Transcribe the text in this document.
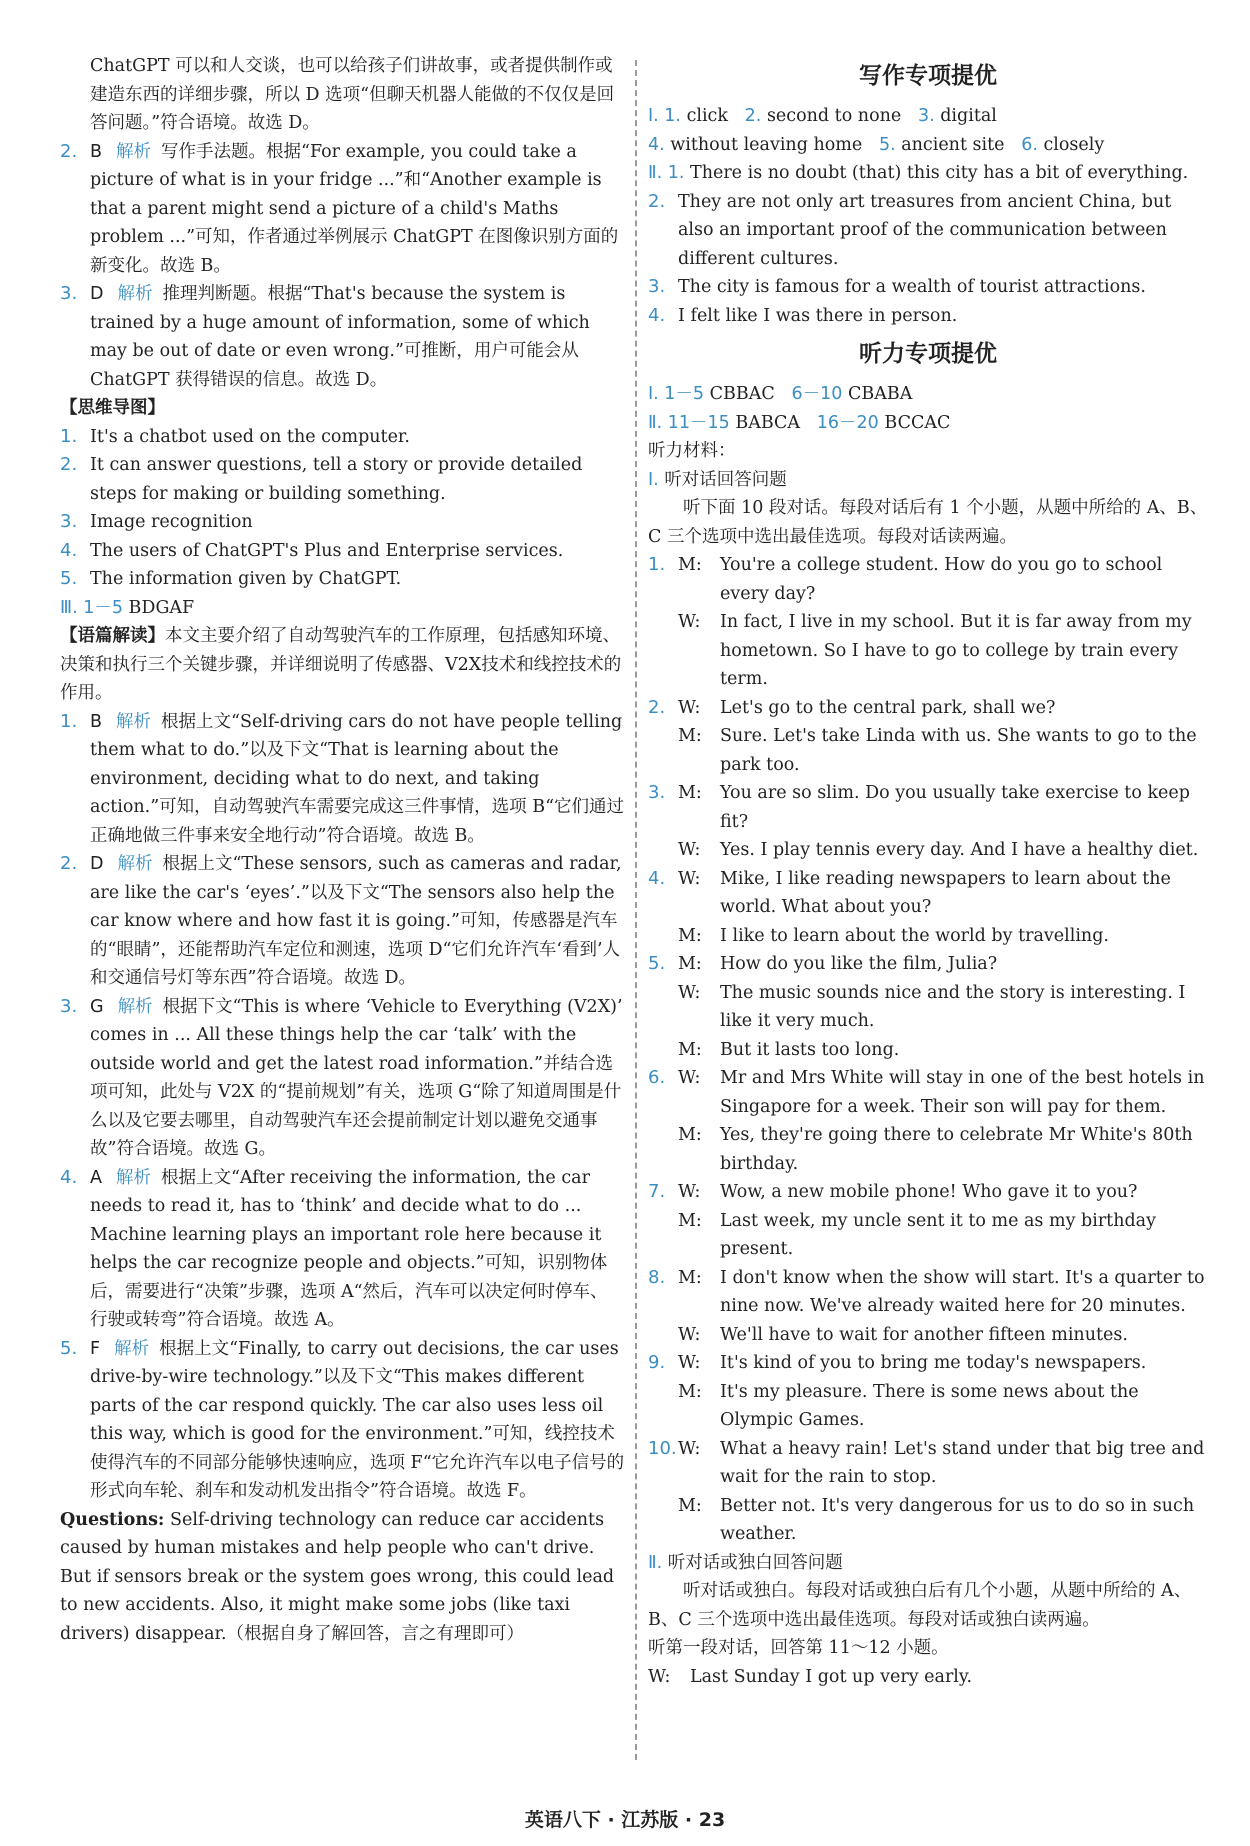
ChatGPT 可以和人交谈，也可以给孩子们讲故事，或者提供制作或建造东西的详细步骤，所以 D 选项“但聊天机器人能做的不仅仅是回答问题。”符合语境。故选 D。

2. B 解析 写作手法题。根据“For example, you could take a picture of what is in your fridge ...”和“Another example is that a parent might send a picture of a child's Maths problem ...”可知，作者通过举例展示 ChatGPT 在图像识别方面的新变化。故选 B。

3. D 解析 推理判断题。根据“That's because the system is trained by a huge amount of information, some of which may be out of date or even wrong.”可推断，用户可能会从 ChatGPT 获得错误的信息。故选 D。

【思维导图】

1. It's a chatbot used on the computer.

2. It can answer questions, tell a story or provide detailed steps for making or building something.

3. Image recognition

4. The users of ChatGPT's Plus and Enterprise services.

5. The information given by ChatGPT.

Ⅲ. 1－5 BDGAF

【语篇解读】本文主要介绍了自动驾驶汽车的工作原理，包括感知环境、决策和执行三个关键步骤，并详细说明了传感器、V2X技术和线控技术的作用。

1. B 解析 根据上文“Self-driving cars do not have people telling them what to do.”以及下文“That is learning about the environment, deciding what to do next, and taking action.”可知，自动驾驶汽车需要完成这三件事情，选项 B“它们通过正确地做三件事来安全地行动”符合语境。故选 B。

2. D 解析 根据上文“These sensors, such as cameras and radar, are like the car's ‘eyes’.”以及下文“The sensors also help the car know where and how fast it is going.”可知，传感器是汽车的“眼睛”，还能帮助汽车定位和测速，选项 D“它们允许汽车‘看到’人和交通信号灯等东西”符合语境。故选 D。

3. G 解析 根据下文“This is where ‘Vehicle to Everything (V2X)’ comes in ... All these things help the car ‘talk’ with the outside world and get the latest road information.”并结合选项可知，此处与 V2X 的“提前规划”有关，选项 G“除了知道周围是什么以及它要去哪里，自动驾驶汽车还会提前制定计划以避免交通事故”符合语境。故选 G。

4. A 解析 根据上文“After receiving the information, the car needs to read it, has to ‘think’ and decide what to do ... Machine learning plays an important role here because it helps the car recognize people and objects.”可知，识别物体后，需要进行“决策”步骤，选项 A“然后，汽车可以决定何时停车、行驶或转弯”符合语境。故选 A。

5. F 解析 根据上文“Finally, to carry out decisions, the car uses drive-by-wire technology.”以及下文“This makes different parts of the car respond quickly. The car also uses less oil this way, which is good for the environment.”可知，线控技术使得汽车的不同部分能够快速响应，选项 F“它允许汽车以电子信号的形式向车轮、刹车和发动机发出指令”符合语境。故选 F。

Questions: Self-driving technology can reduce car accidents caused by human mistakes and help people who can't drive. But if sensors break or the system goes wrong, this could lead to new accidents. Also, it might make some jobs (like taxi drivers) disappear.（根据自身了解回答，言之有理即可）

写作专项提优

Ⅰ. 1. click 2. second to none 3. digital

4. without leaving home 5. ancient site 6. closely

Ⅱ. 1. There is no doubt (that) this city has a bit of everything.

2. They are not only art treasures from ancient China, but also an important proof of the communication between different cultures.

3. The city is famous for a wealth of tourist attractions.

4. I felt like I was there in person.

听力专项提优

Ⅰ. 1－5 CBBAC 6－10 CBABA

Ⅱ. 11－15 BABCA 16－20 BCCAC

听力材料：

Ⅰ. 听对话回答问题

听下面 10 段对话。每段对话后有 1 个小题，从题中所给的 A、B、C 三个选项中选出最佳选项。每段对话读两遍。

1. M: You're a college student. How do you go to school every day?

W: In fact, I live in my school. But it is far away from my hometown. So I have to go to college by train every term.

2. W: Let's go to the central park, shall we?

M: Sure. Let's take Linda with us. She wants to go to the park too.

3. M: You are so slim. Do you usually take exercise to keep fit?

W: Yes. I play tennis every day. And I have a healthy diet.

4. W: Mike, I like reading newspapers to learn about the world. What about you?

M: I like to learn about the world by travelling.

5. M: How do you like the film, Julia?

W: The music sounds nice and the story is interesting. I like it very much.

M: But it lasts too long.

6. W: Mr and Mrs White will stay in one of the best hotels in Singapore for a week. Their son will pay for them.

M: Yes, they're going there to celebrate Mr White's 80th birthday.

7. W: Wow, a new mobile phone! Who gave it to you?

M: Last week, my uncle sent it to me as my birthday present.

8. M: I don't know when the show will start. It's a quarter to nine now. We've already waited here for 20 minutes.

W: We'll have to wait for another fifteen minutes.

9. W: It's kind of you to bring me today's newspapers.

M: It's my pleasure. There is some news about the Olympic Games.

10. W: What a heavy rain! Let's stand under that big tree and wait for the rain to stop.

M: Better not. It's very dangerous for us to do so in such weather.

Ⅱ. 听对话或独白回答问题

听对话或独白。每段对话或独白后有几个小题，从题中所给的 A、B、C 三个选项中选出最佳选项。每段对话或独白读两遍。

听第一段对话，回答第 11～12 小题。

W: Last Sunday I got up very early.

英语八下 · 江苏版 · 23
